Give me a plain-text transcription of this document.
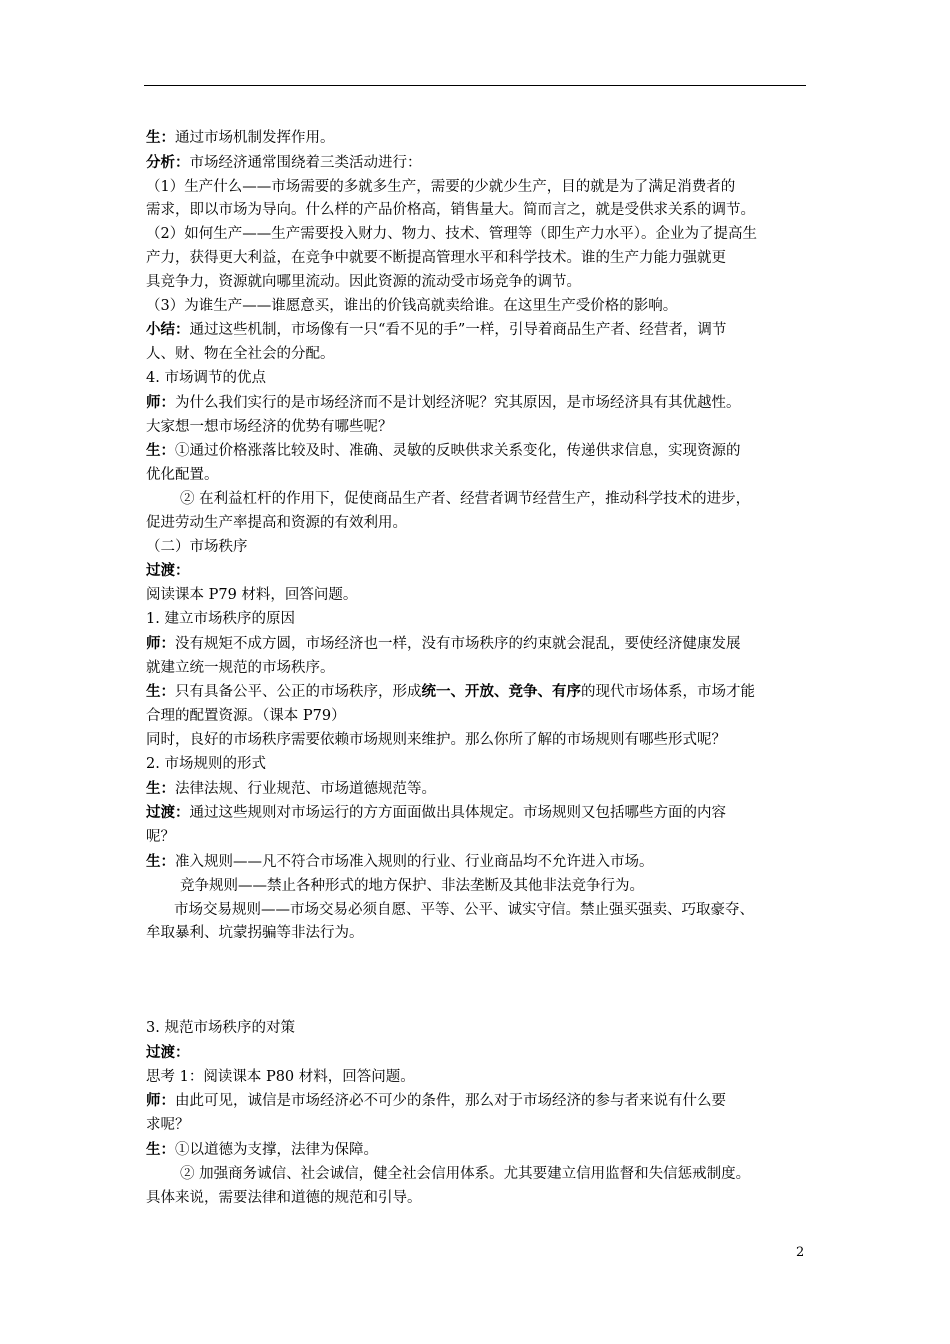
生：通过市场机制发挥作用。
分析：市场经济通常围绕着三类活动进行：
（1）生产什么——市场需要的多就多生产，需要的少就少生产，目的就是为了满足消费者的
需求，即以市场为导向。什么样的产品价格高，销售量大。简而言之，就是受供求关系的调节。
（2）如何生产——生产需要投入财力、物力、技术、管理等（即生产力水平）。企业为了提高生
产力，获得更大利益，在竞争中就要不断提高管理水平和科学技术。谁的生产力能力强就更
具竞争力，资源就向哪里流动。因此资源的流动受市场竞争的调节。
（3）为谁生产——谁愿意买，谁出的价钱高就卖给谁。在这里生产受价格的影响。
小结：通过这些机制，市场像有一只“看不见的手”一样，引导着商品生产者、经营者，调节
人、财、物在全社会的分配。
4. 市场调节的优点
师：为什么我们实行的是市场经济而不是计划经济呢？究其原因，是市场经济具有其优越性。
大家想一想市场经济的优势有哪些呢？
生：①通过价格涨落比较及时、准确、灵敏的反映供求关系变化，传递供求信息，实现资源的
优化配置。
② 在利益杠杆的作用下，促使商品生产者、经营者调节经营生产，推动科学技术的进步，
促进劳动生产率提高和资源的有效利用。
（二）市场秩序
过渡：
阅读课本 P79 材料，回答问题。
1. 建立市场秩序的原因
师：没有规矩不成方圆，市场经济也一样，没有市场秩序的约束就会混乱，要使经济健康发展
就建立统一规范的市场秩序。
生：只有具备公平、公正的市场秩序，形成统一、开放、竞争、有序的现代市场体系，市场才能
合理的配置资源。（课本 P79）
同时，良好的市场秩序需要依赖市场规则来维护。那么你所了解的市场规则有哪些形式呢？
2. 市场规则的形式
生：法律法规、行业规范、市场道德规范等。
过渡：通过这些规则对市场运行的方方面面做出具体规定。市场规则又包括哪些方面的内容
呢？
生：准入规则——凡不符合市场准入规则的行业、行业商品均不允许进入市场。
竞争规则——禁止各种形式的地方保护、非法垄断及其他非法竞争行为。
市场交易规则——市场交易必须自愿、平等、公平、诚实守信。禁止强买强卖、巧取豪夺、
牟取暴利、坑蒙拐骗等非法行为。
3. 规范市场秩序的对策
过渡：
思考 1：阅读课本 P80 材料，回答问题。
师：由此可见，诚信是市场经济必不可少的条件，那么对于市场经济的参与者来说有什么要
求呢？
生：①以道德为支撑，法律为保障。
② 加强商务诚信、社会诚信，健全社会信用体系。尤其要建立信用监督和失信惩戒制度。
具体来说，需要法律和道德的规范和引导。
2
